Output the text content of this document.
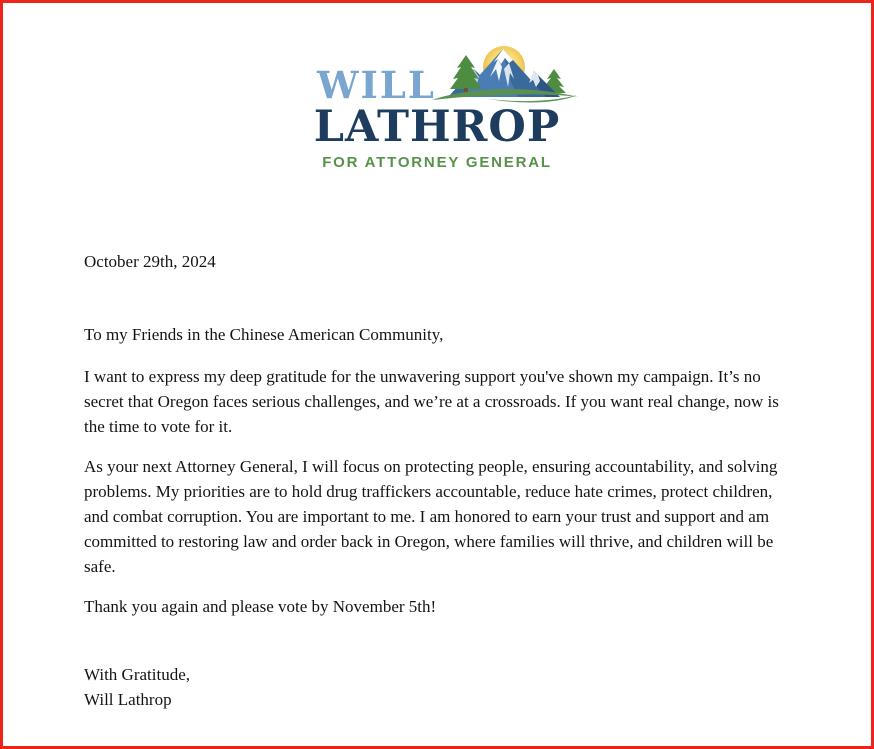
WILL
LATHROP
FOR ATTORNEY GENERAL

October 29th, 2024

To my Friends in the Chinese American Community,

I want to express my deep gratitude for the unwavering support you've shown my campaign. It’s no secret that Oregon faces serious challenges, and we’re at a crossroads. If you want real change, now is the time to vote for it.

As your next Attorney General, I will focus on protecting people, ensuring accountability, and solving problems. My priorities are to hold drug traffickers accountable, reduce hate crimes, protect children, and combat corruption. You are important to me. I am honored to earn your trust and support and am committed to restoring law and order back in Oregon, where families will thrive, and children will be safe.

Thank you again and please vote by November 5th!

With Gratitude,

Will Lathrop
